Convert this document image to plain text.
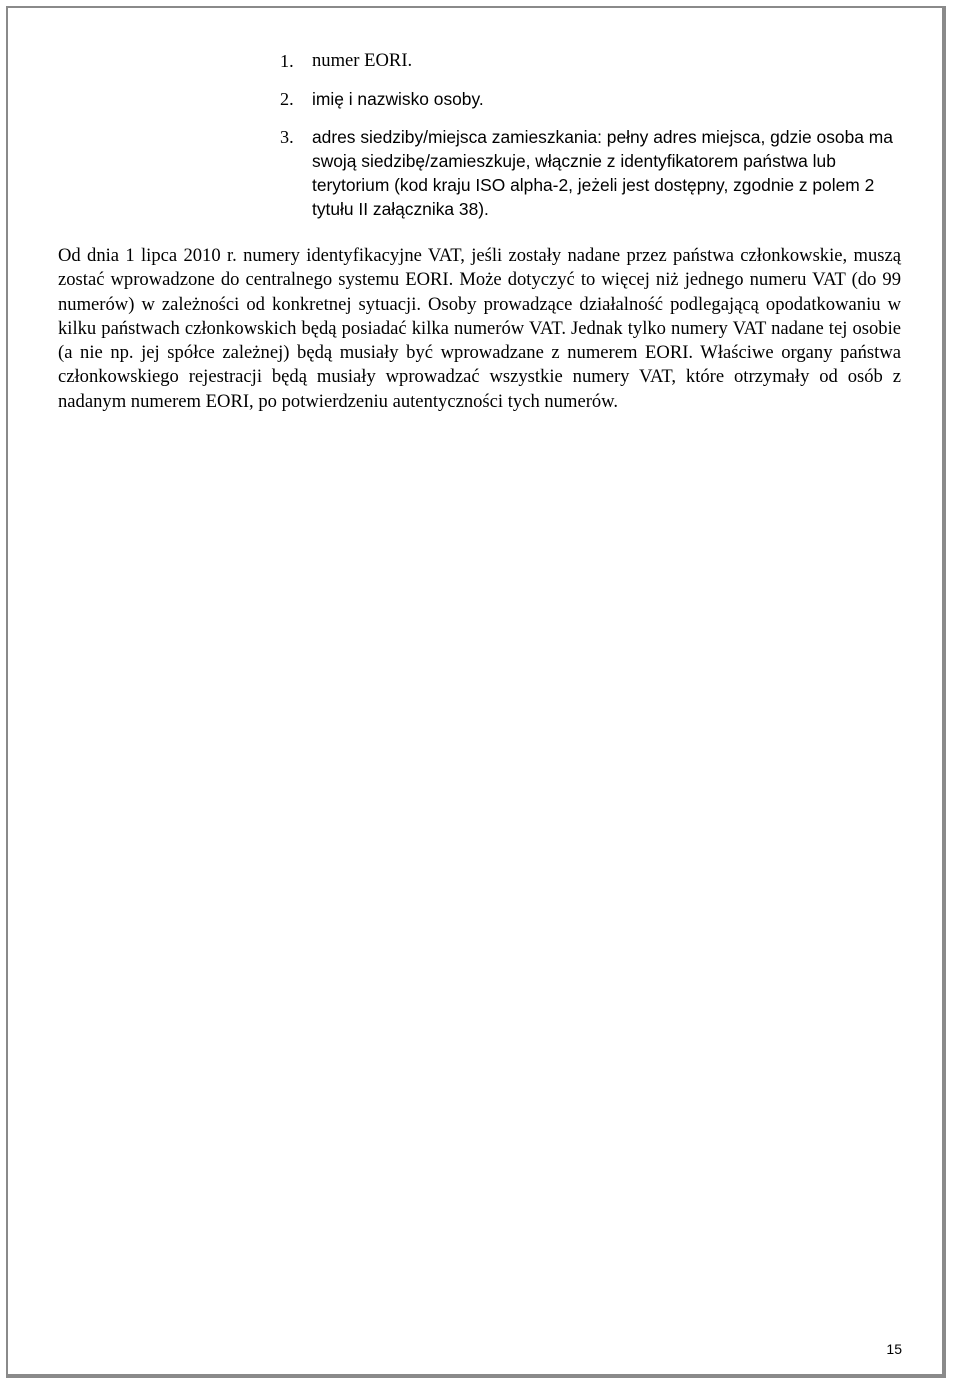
1. numer EORI.
2. imię i nazwisko osoby.
3. adres siedziby/miejsca zamieszkania: pełny adres miejsca, gdzie osoba ma swoją siedzibę/zamieszkuje, włącznie z identyfikatorem państwa lub terytorium (kod kraju ISO alpha-2, jeżeli jest dostępny, zgodnie z polem 2 tytułu II załącznika 38).

Od dnia 1 lipca 2010 r. numery identyfikacyjne VAT, jeśli zostały nadane przez państwa członkowskie, muszą zostać wprowadzone do centralnego systemu EORI. Może dotyczyć to więcej niż jednego numeru VAT (do 99 numerów) w zależności od konkretnej sytuacji. Osoby prowadzące działalność podlegającą opodatkowaniu w kilku państwach członkowskich będą posiadać kilka numerów VAT. Jednak tylko numery VAT nadane tej osobie (a nie np. jej spółce zależnej) będą musiały być wprowadzane z numerem EORI. Właściwe organy państwa członkowskiego rejestracji będą musiały wprowadzać wszystkie numery VAT, które otrzymały od osób z nadanym numerem EORI, po potwierdzeniu autentyczności tych numerów.

15
